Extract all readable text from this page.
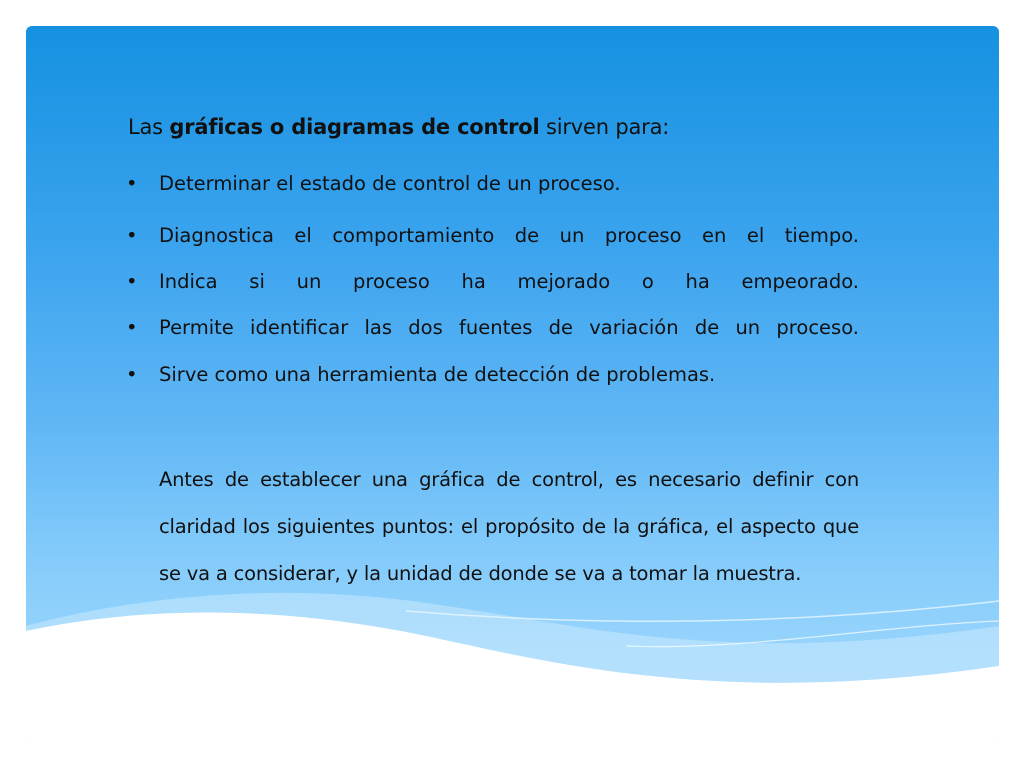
Las gráficas o diagramas de control sirven para:
• Determinar el estado de control de un proceso.
• Diagnostica el comportamiento de un proceso en el tiempo.
• Indica si un proceso ha mejorado o ha empeorado.
• Permite identificar las dos fuentes de variación de un proceso.
• Sirve como una herramienta de detección de problemas.
Antes de establecer una gráfica de control, es necesario definir con claridad los siguientes puntos: el propósito de la gráfica, el aspecto que se va a considerar, y la unidad de donde se va a tomar la muestra.
